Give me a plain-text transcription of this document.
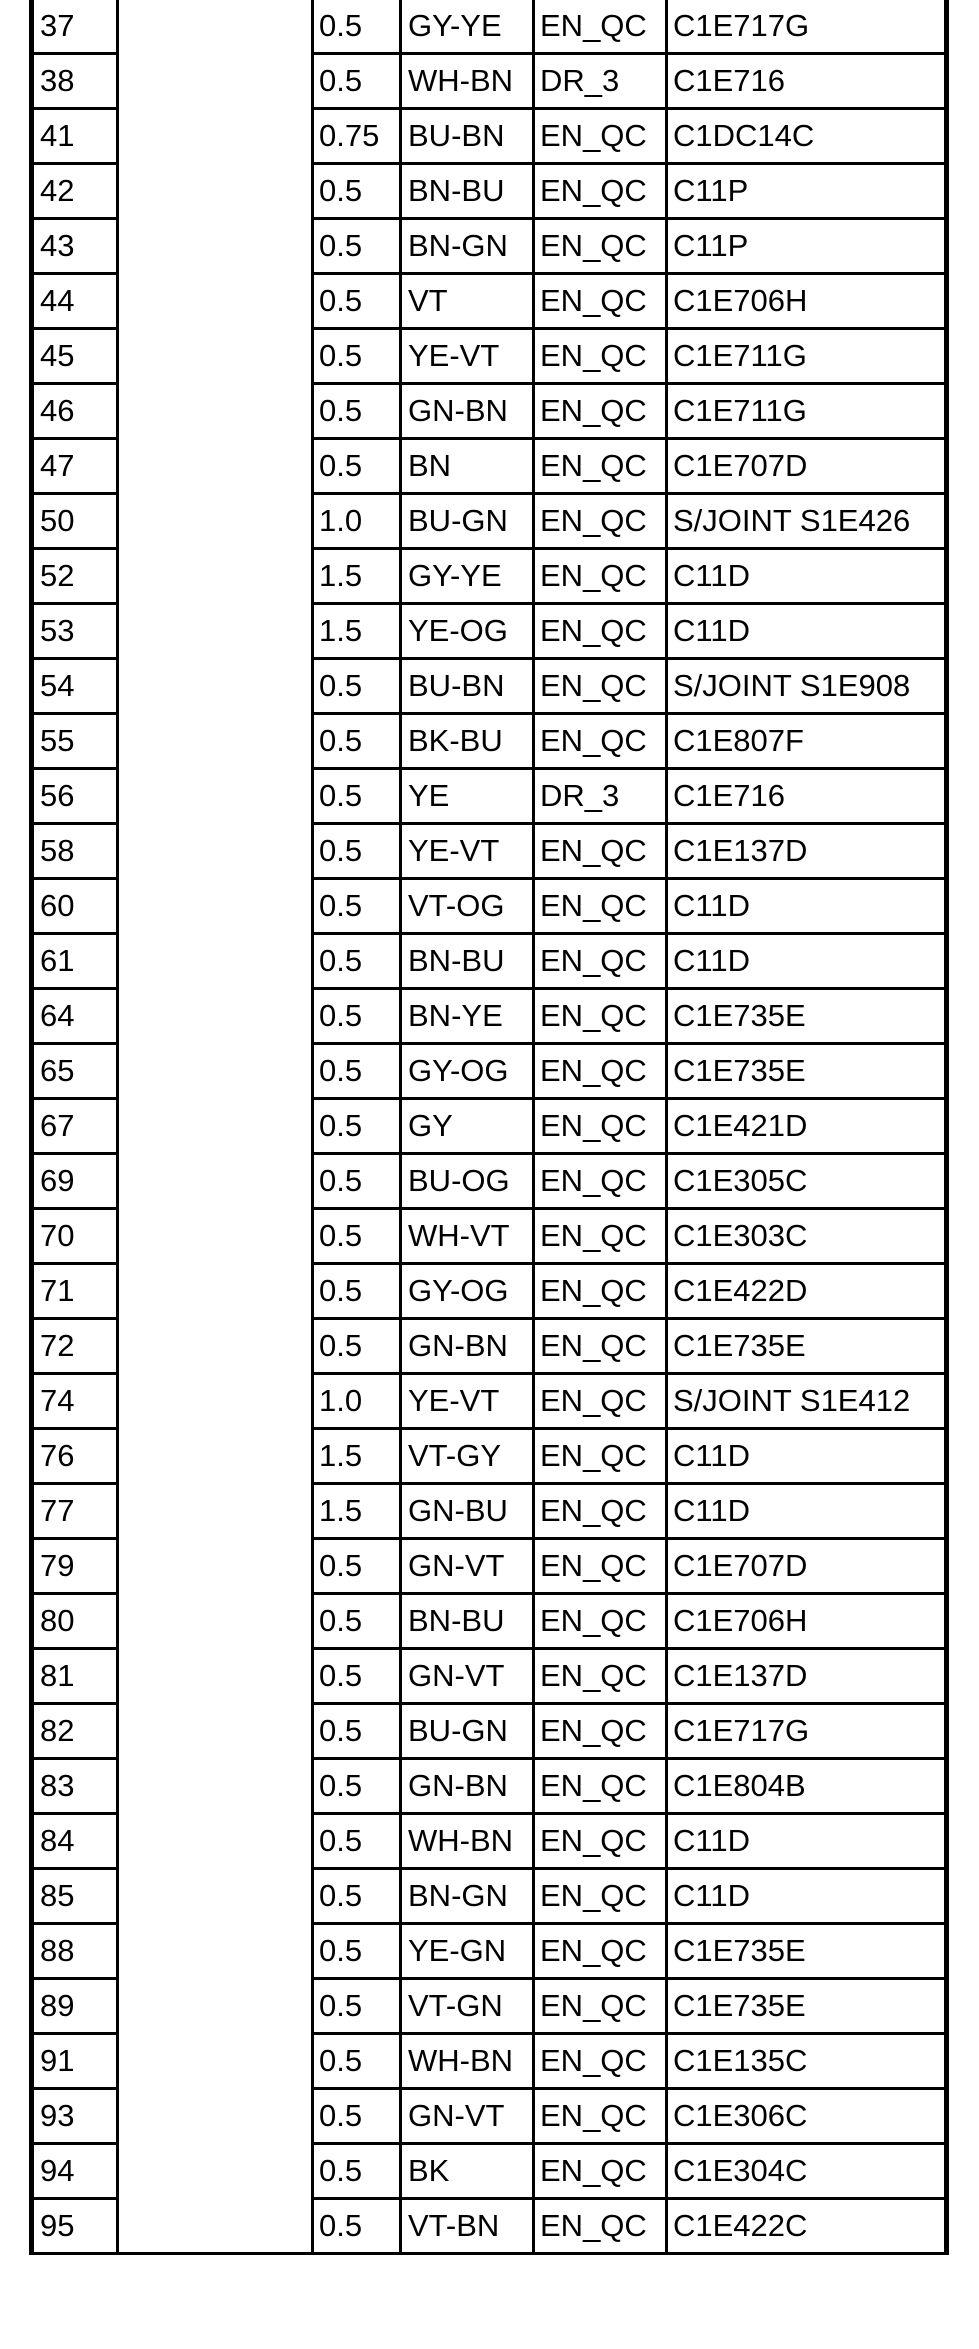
37		0.5	GY-YE	EN_QC	C1E717G
38		0.5	WH-BN	DR_3	C1E716
41		0.75	BU-BN	EN_QC	C1DC14C
42		0.5	BN-BU	EN_QC	C11P
43		0.5	BN-GN	EN_QC	C11P
44		0.5	VT	EN_QC	C1E706H
45		0.5	YE-VT	EN_QC	C1E711G
46		0.5	GN-BN	EN_QC	C1E711G
47		0.5	BN	EN_QC	C1E707D
50		1.0	BU-GN	EN_QC	S/JOINT S1E426
52		1.5	GY-YE	EN_QC	C11D
53		1.5	YE-OG	EN_QC	C11D
54		0.5	BU-BN	EN_QC	S/JOINT S1E908
55		0.5	BK-BU	EN_QC	C1E807F
56		0.5	YE	DR_3	C1E716
58		0.5	YE-VT	EN_QC	C1E137D
60		0.5	VT-OG	EN_QC	C11D
61		0.5	BN-BU	EN_QC	C11D
64		0.5	BN-YE	EN_QC	C1E735E
65		0.5	GY-OG	EN_QC	C1E735E
67		0.5	GY	EN_QC	C1E421D
69		0.5	BU-OG	EN_QC	C1E305C
70		0.5	WH-VT	EN_QC	C1E303C
71		0.5	GY-OG	EN_QC	C1E422D
72		0.5	GN-BN	EN_QC	C1E735E
74		1.0	YE-VT	EN_QC	S/JOINT S1E412
76		1.5	VT-GY	EN_QC	C11D
77		1.5	GN-BU	EN_QC	C11D
79		0.5	GN-VT	EN_QC	C1E707D
80		0.5	BN-BU	EN_QC	C1E706H
81		0.5	GN-VT	EN_QC	C1E137D
82		0.5	BU-GN	EN_QC	C1E717G
83		0.5	GN-BN	EN_QC	C1E804B
84		0.5	WH-BN	EN_QC	C11D
85		0.5	BN-GN	EN_QC	C11D
88		0.5	YE-GN	EN_QC	C1E735E
89		0.5	VT-GN	EN_QC	C1E735E
91		0.5	WH-BN	EN_QC	C1E135C
93		0.5	GN-VT	EN_QC	C1E306C
94		0.5	BK	EN_QC	C1E304C
95		0.5	VT-BN	EN_QC	C1E422C
